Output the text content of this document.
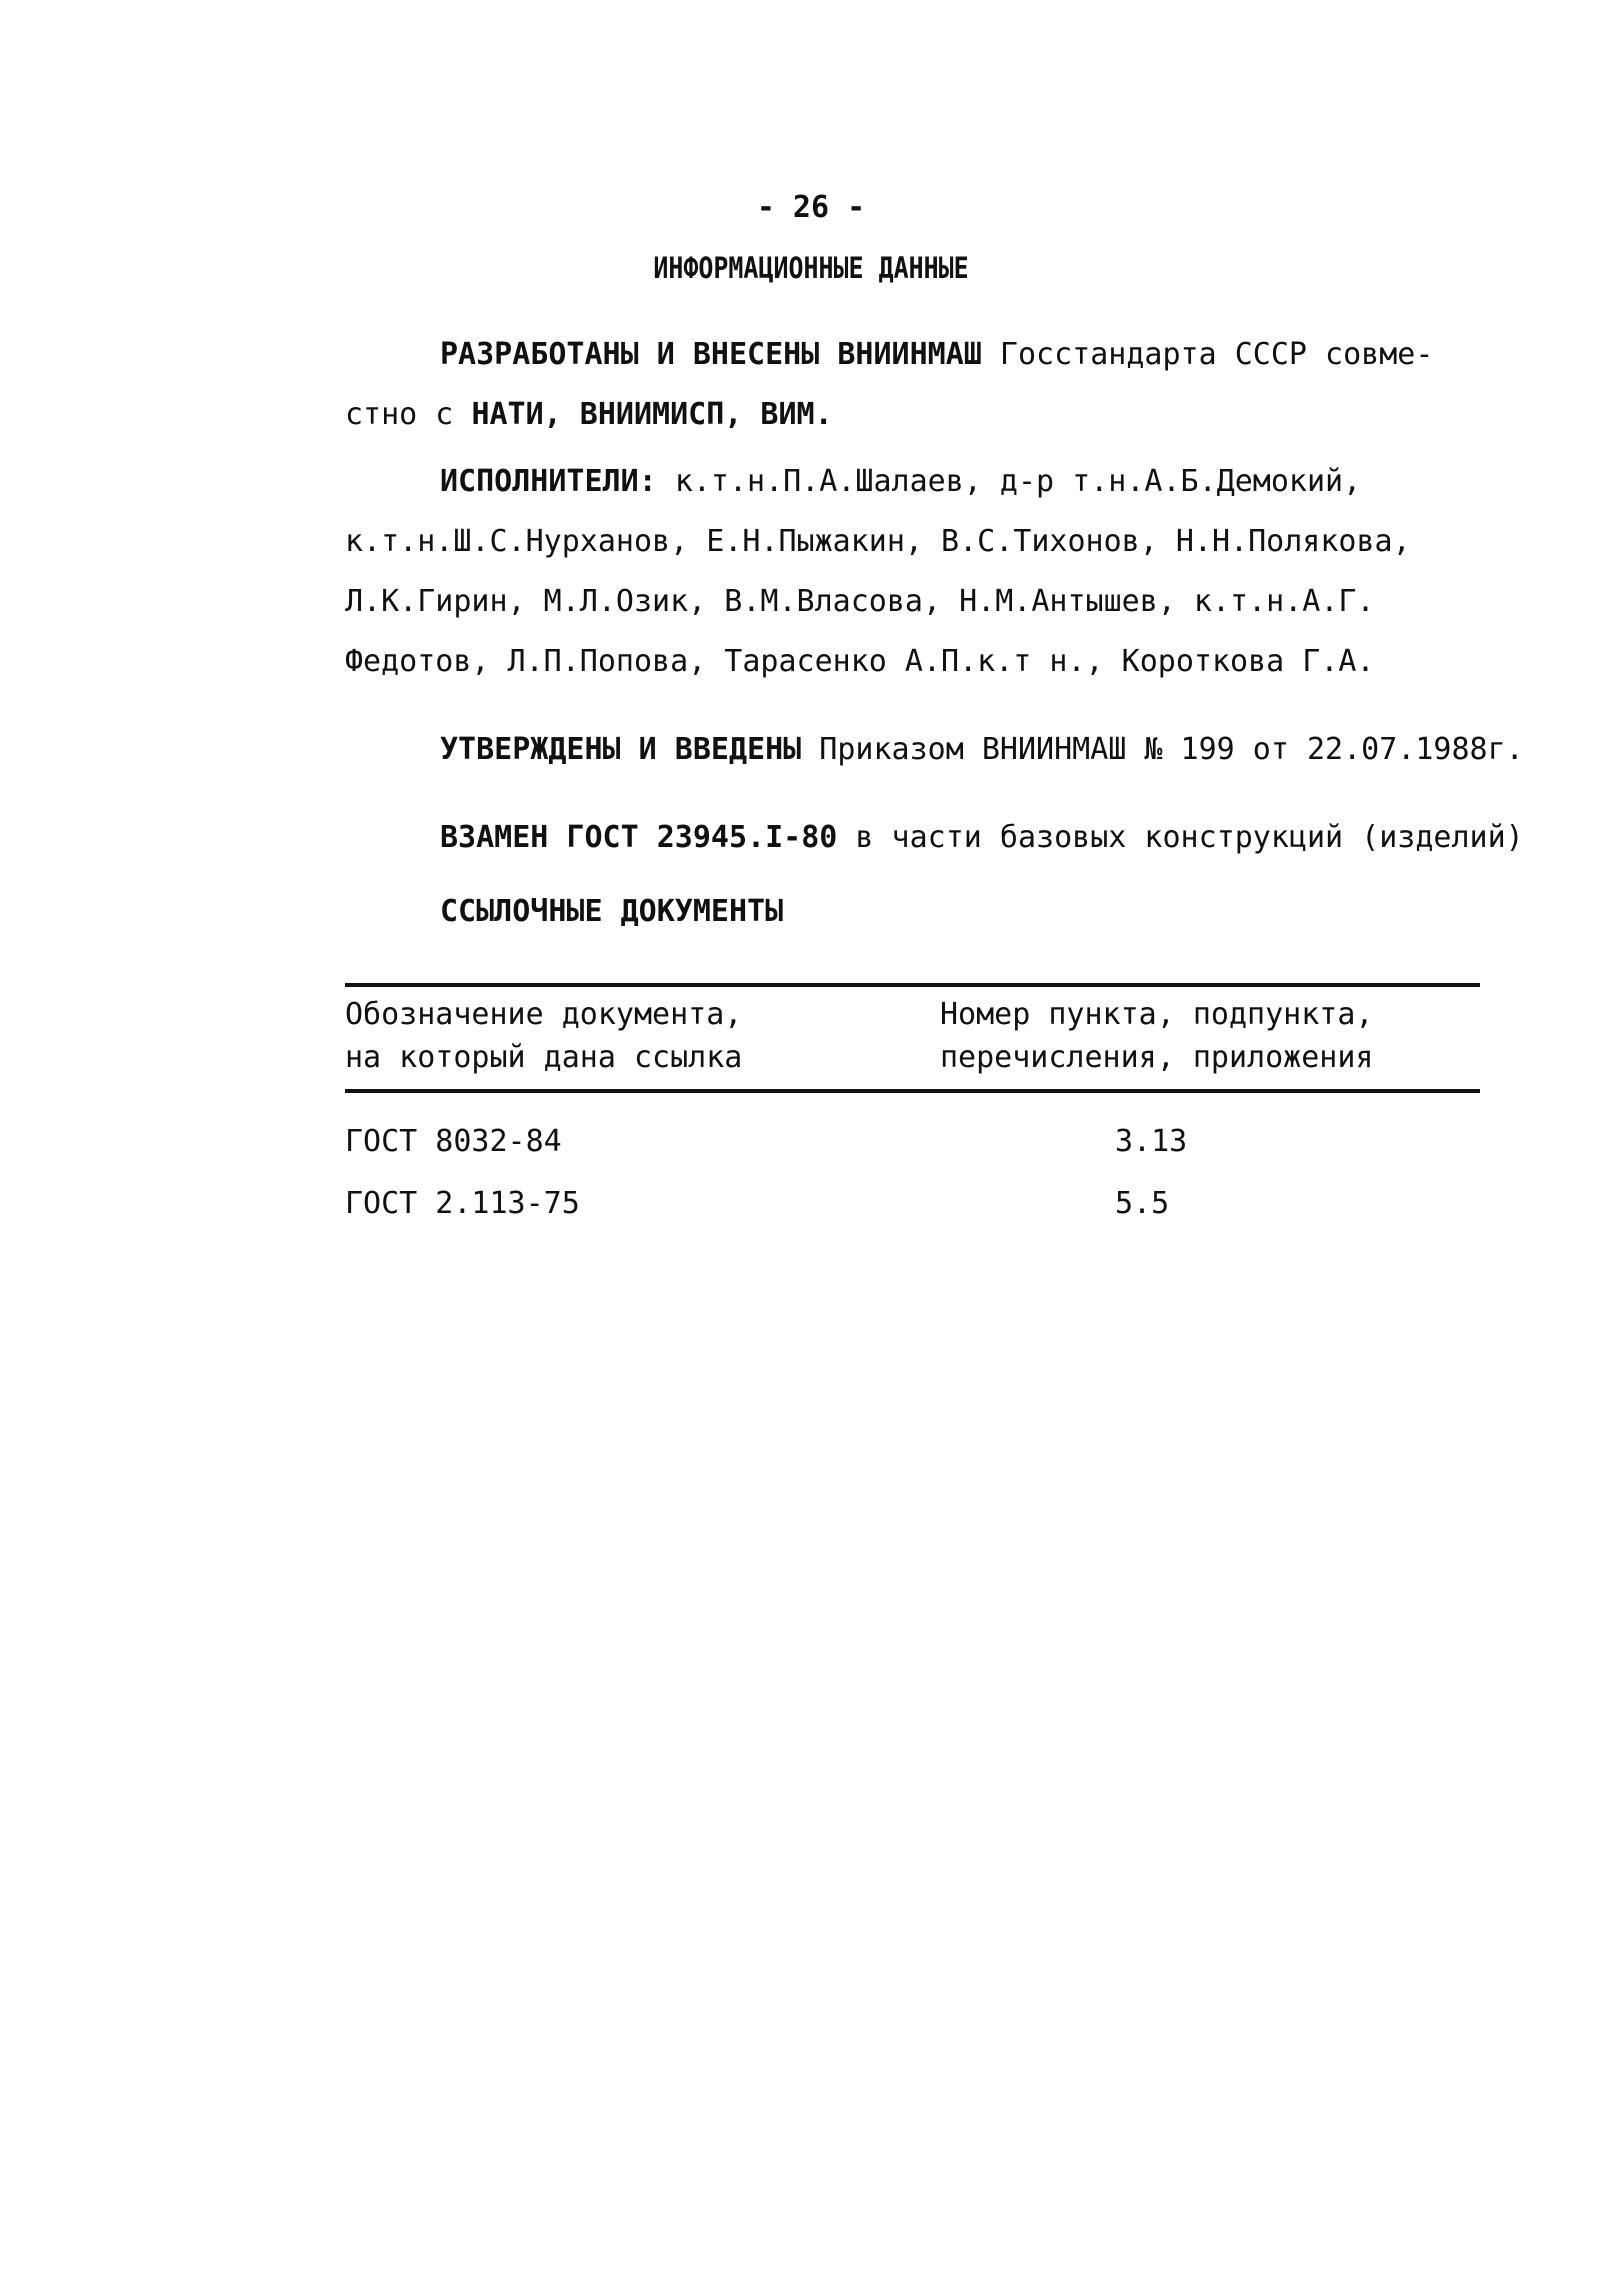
- 26 -
ИНФОРМАЦИОННЫЕ ДАННЫЕ
РАЗРАБОТАНЫ И ВНЕСЕНЫ ВНИИНМАШ Госстандарта СССР совме-
стно с НАТИ, ВНИИМИСП, ВИМ.
ИСПОЛНИТЕЛИ: к.т.н.П.А.Шалаев, д-р т.н.А.Б.Демокий,
к.т.н.Ш.С.Нурханов, Е.Н.Пыжакин, В.С.Тихонов, Н.Н.Полякова,
Л.К.Гирин, М.Л.Озик, В.М.Власова, Н.М.Антышев, к.т.н.А.Г.
Федотов, Л.П.Попова, Тарасенко А.П.к.т н., Короткова Г.А.
УТВЕРЖДЕНЫ И ВВЕДЕНЫ Приказом ВНИИНМАШ № 199 от 22.07.1988г.
ВЗАМЕН ГОСТ 23945.I-80 в части базовых конструкций (изделий)
ССЫЛОЧНЫЕ ДОКУМЕНТЫ
Обозначение документа,
на который дана ссылка
Номер пункта, подпункта,
перечисления, приложения
ГОСТ 8032-84	3.13
ГОСТ 2.113-75	5.5
